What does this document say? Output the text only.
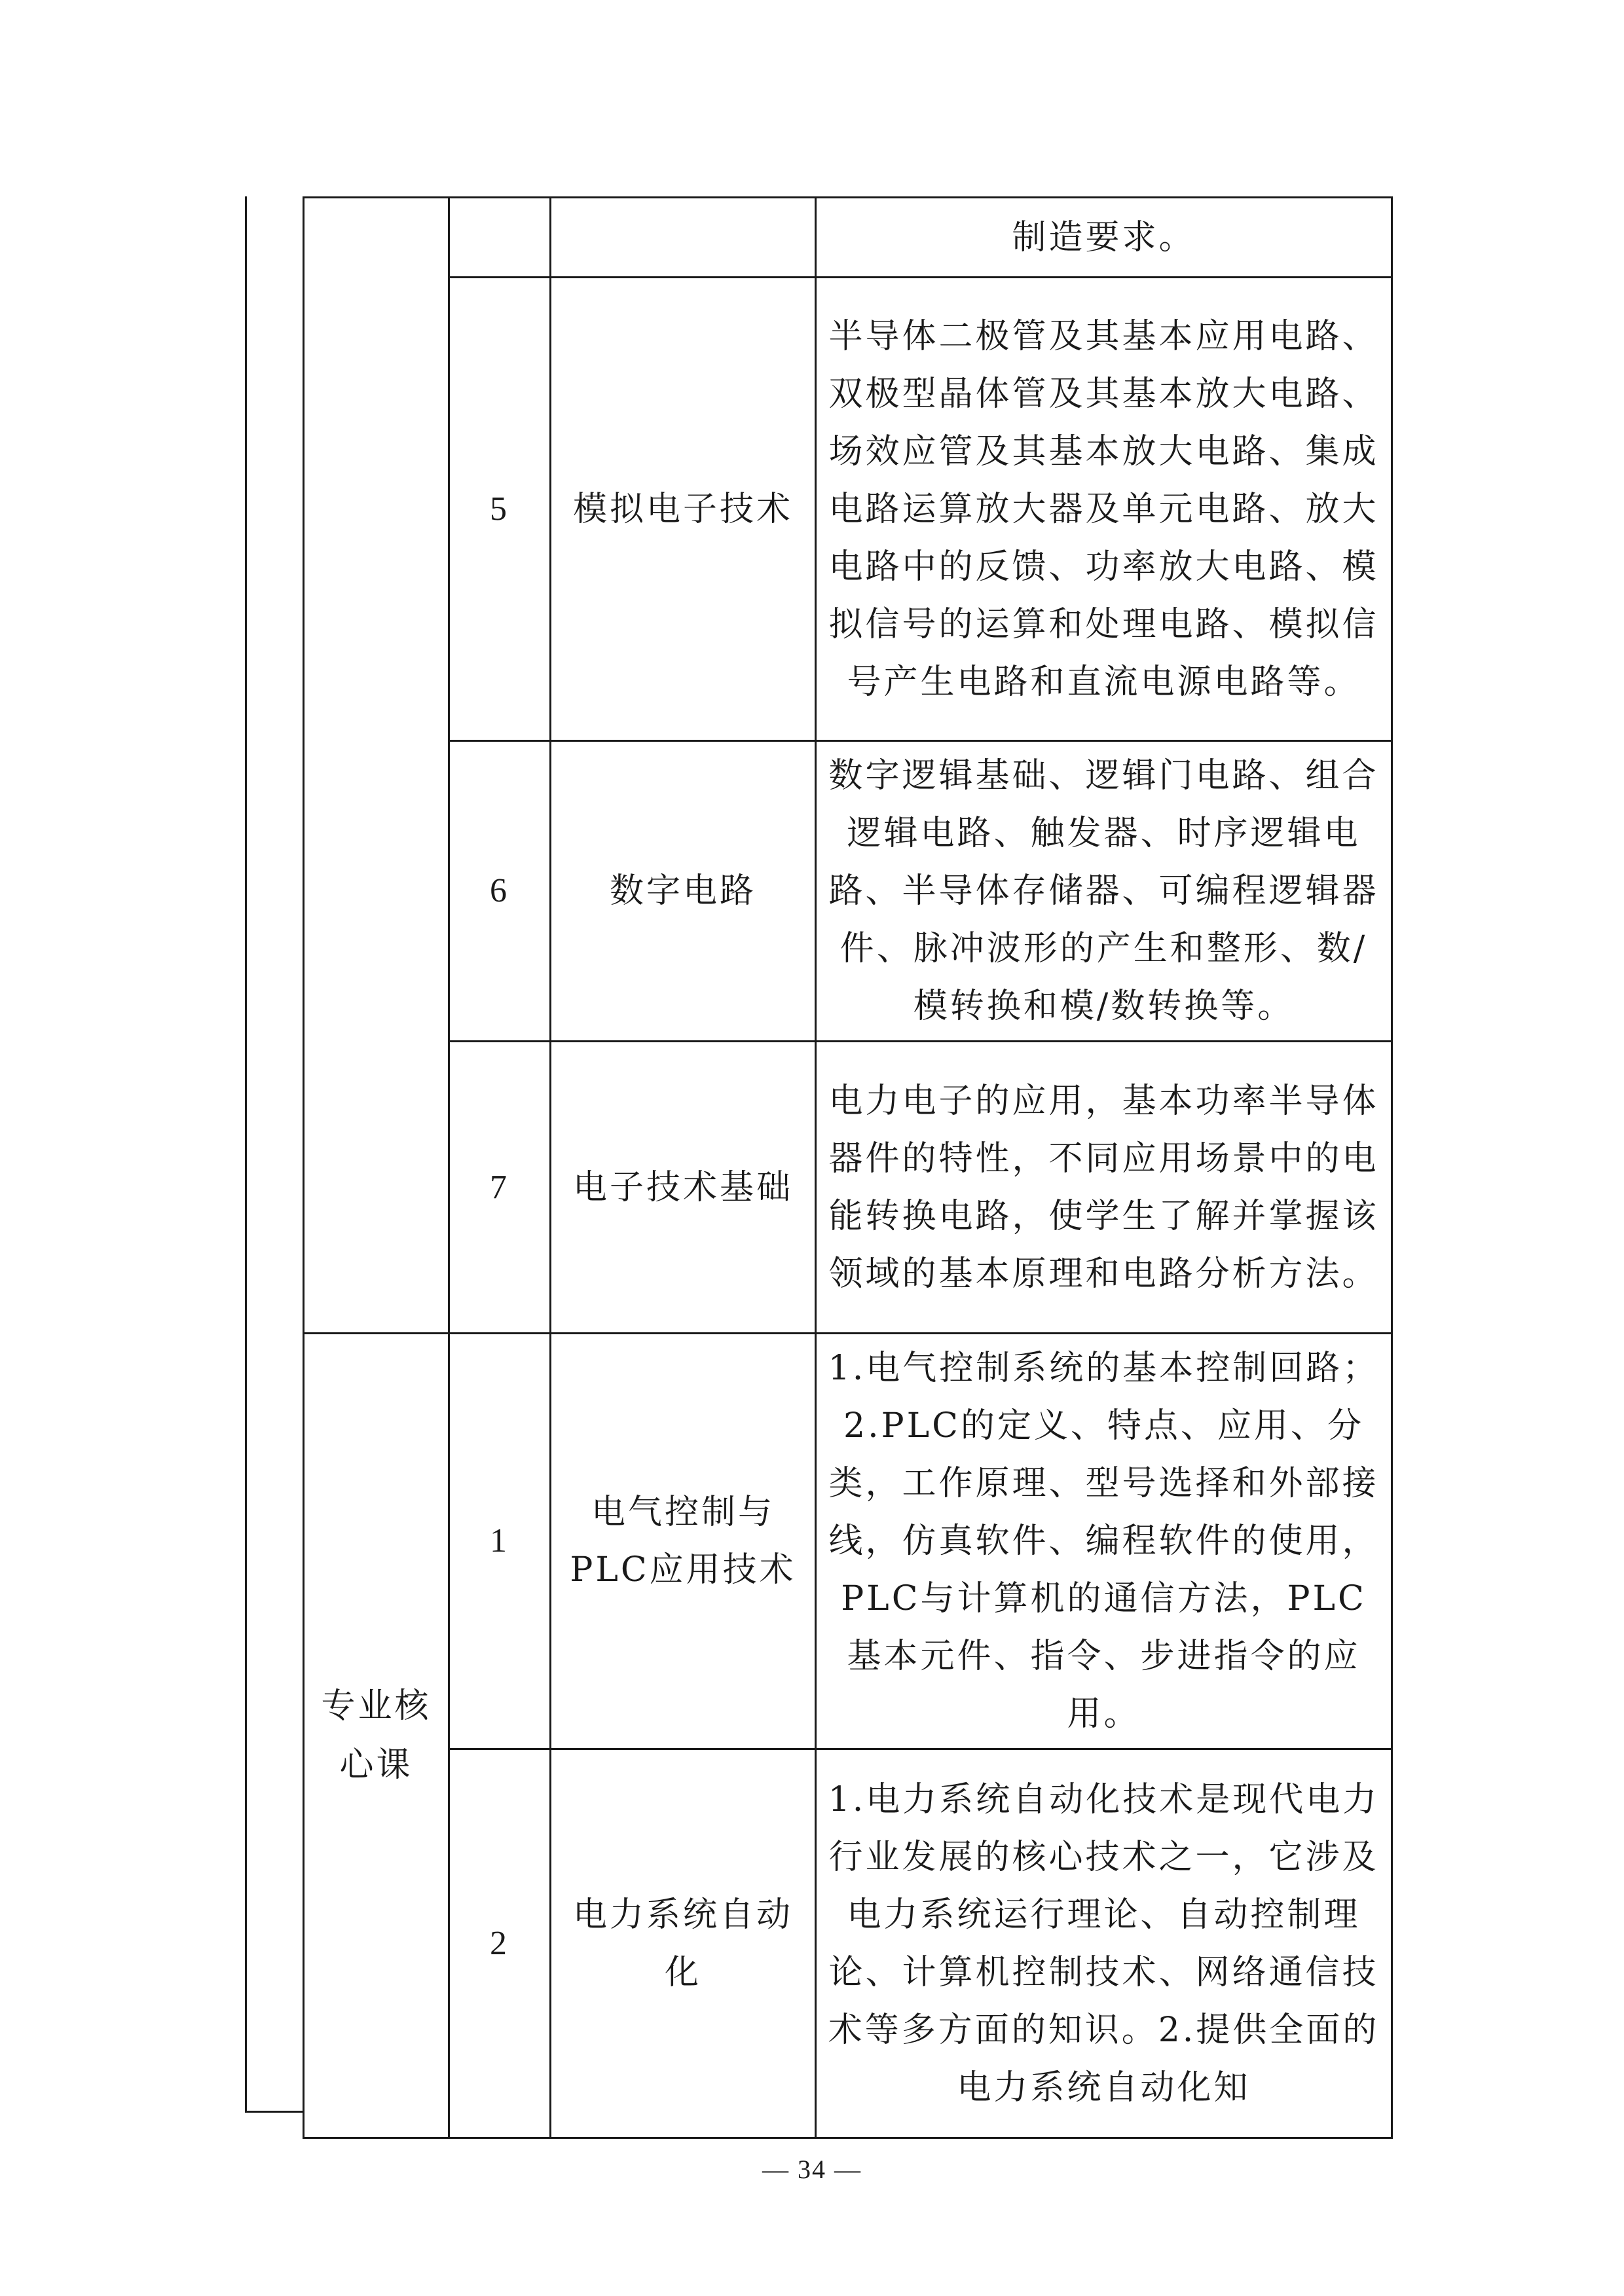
			制造要求。
	5	模拟电子技术	半导体二极管及其基本应用电路、双极型晶体管及其基本放大电路、场效应管及其基本放大电路、集成电路运算放大器及单元电路、放大电路中的反馈、功率放大电路、模拟信号的运算和处理电路、模拟信号产生电路和直流电源电路等。
	6	数字电路	数字逻辑基础、逻辑门电路、组合逻辑电路、触发器、时序逻辑电路、半导体存储器、可编程逻辑器件、脉冲波形的产生和整形、数/模转换和模/数转换等。
	7	电子技术基础	电力电子的应用，基本功率半导体器件的特性，不同应用场景中的电能转换电路，使学生了解并掌握该领域的基本原理和电路分析方法。
专业核心课	1	电气控制与PLC应用技术	1.电气控制系统的基本控制回路；2.PLC的定义、特点、应用、分类，工作原理、型号选择和外部接线，仿真软件、编程软件的使用，PLC与计算机的通信方法，PLC基本元件、指令、步进指令的应用。
	2	电力系统自动化	1.电力系统自动化技术是现代电力行业发展的核心技术之一，它涉及电力系统运行理论、自动控制理论、计算机控制技术、网络通信技术等多方面的知识。2.提供全面的电力系统自动化知
— 34 —
